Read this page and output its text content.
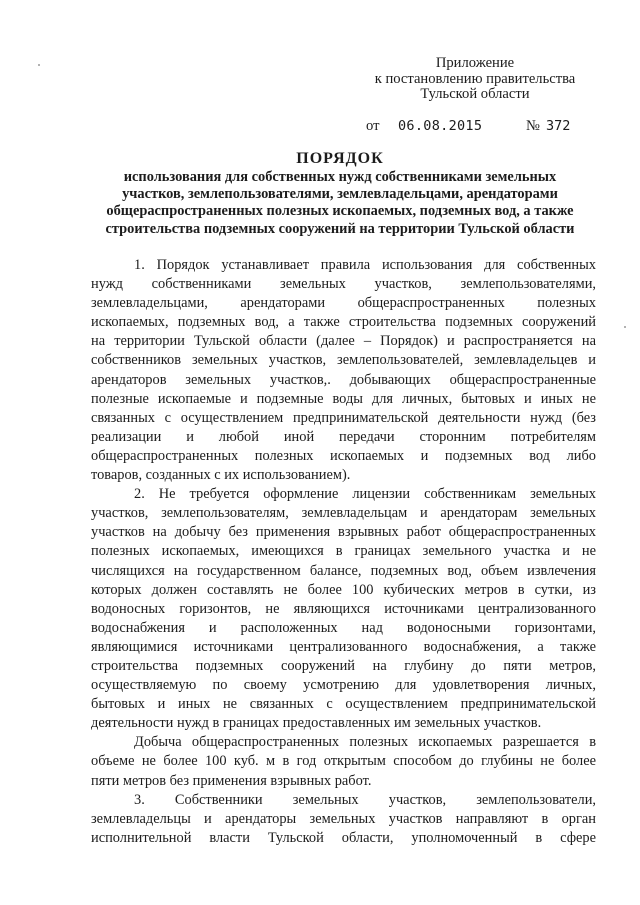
Приложение
к постановлению правительства
Тульской области
от 06.08.2015	№ 372
ПОРЯДОК
использования для собственных нужд собственниками земельных
участков, землепользователями, землевладельцами, арендаторами
общераспространенных полезных ископаемых, подземных вод, а также
строительства подземных сооружений на территории Тульской области
1. Порядок устанавливает правила использования для собственных
нужд собственниками земельных участков, землепользователями,
землевладельцами, арендаторами общераспространенных полезных
ископаемых, подземных вод, а также строительства подземных сооружений
на территории Тульской области (далее – Порядок) и распространяется на
собственников земельных участков, землепользователей, землевладельцев и
арендаторов земельных участков,. добывающих общераспространенные
полезные ископаемые и подземные воды для личных, бытовых и иных не
связанных с осуществлением предпринимательской деятельности нужд (без
реализации и любой иной передачи сторонним потребителям
общераспространенных полезных ископаемых и подземных вод либо
товаров, созданных с их использованием).
2. Не требуется оформление лицензии собственникам земельных
участков, землепользователям, землевладельцам и арендаторам земельных
участков на добычу без применения взрывных работ общераспространенных
полезных ископаемых, имеющихся в границах земельного участка и не
числящихся на государственном балансе, подземных вод, объем извлечения
которых должен составлять не более 100 кубических метров в сутки, из
водоносных горизонтов, не являющихся источниками централизованного
водоснабжения и расположенных над водоносными горизонтами,
являющимися источниками централизованного водоснабжения, а также
строительства подземных сооружений на глубину до пяти метров,
осуществляемую по своему усмотрению для удовлетворения личных,
бытовых и иных не связанных с осуществлением предпринимательской
деятельности нужд в границах предоставленных им земельных участков.
Добыча общераспространенных полезных ископаемых разрешается в
объеме не более 100 куб. м в год открытым способом до глубины не более
пяти метров без применения взрывных работ.
3. Собственники земельных участков, землепользователи,
землевладельцы и арендаторы земельных участков направляют в орган
исполнительной власти Тульской области, уполномоченный в сфере
